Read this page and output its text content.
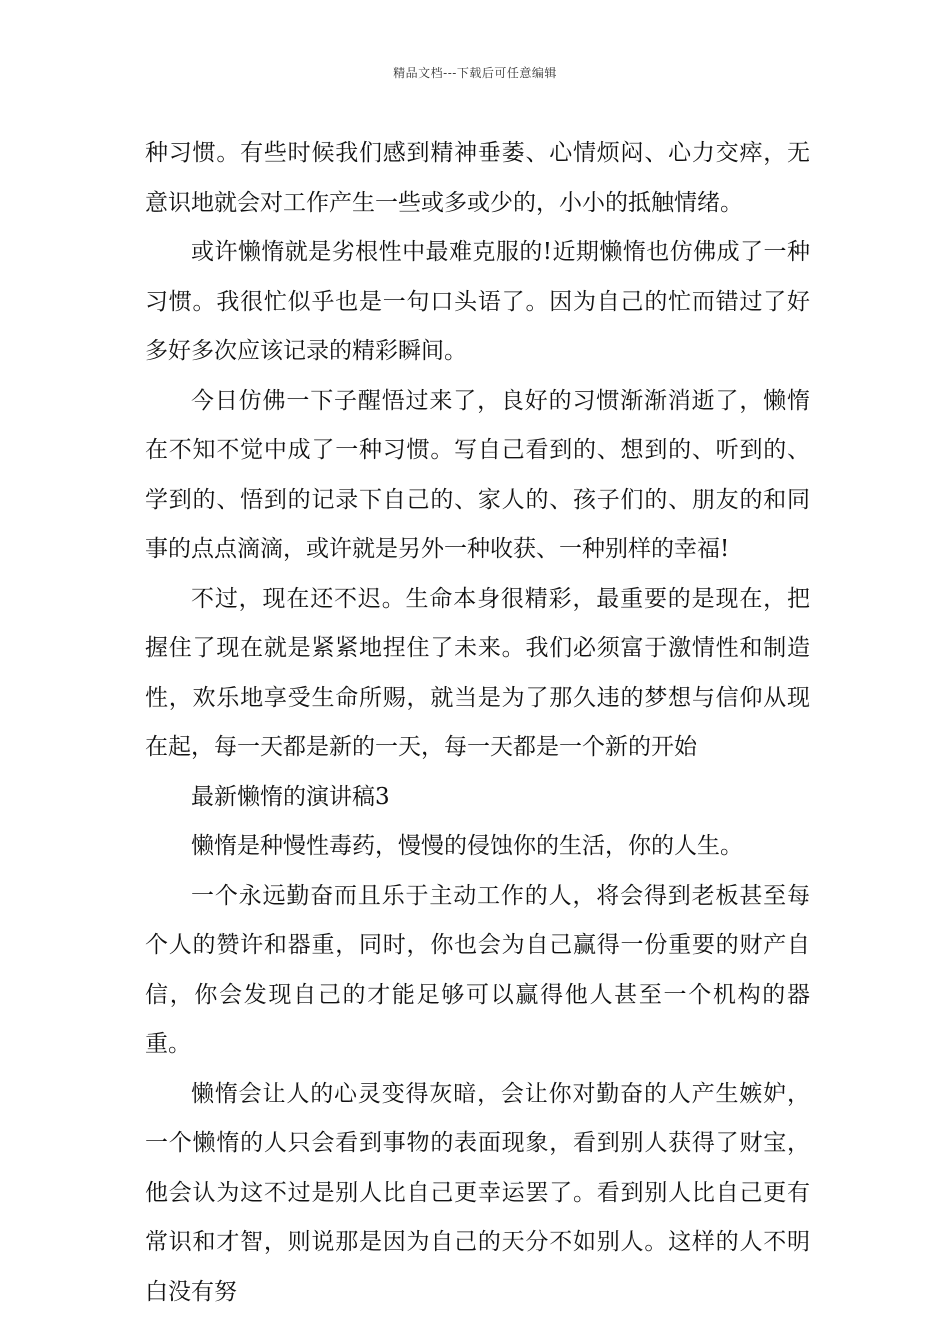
精品文档---下载后可任意编辑

种习惯。有些时候我们感到精神垂萎、心情烦闷、心力交瘁，无意识地就会对工作产生一些或多或少的，小小的抵触情绪。

或许懒惰就是劣根性中最难克服的!近期懒惰也仿佛成了一种习惯。我很忙似乎也是一句口头语了。因为自己的忙而错过了好多好多次应该记录的精彩瞬间。

今日仿佛一下子醒悟过来了，良好的习惯渐渐消逝了，懒惰在不知不觉中成了一种习惯。写自己看到的、想到的、听到的、学到的、悟到的记录下自己的、家人的、孩子们的、朋友的和同事的点点滴滴，或许就是另外一种收获、一种别样的幸福!

不过，现在还不迟。生命本身很精彩，最重要的是现在，把握住了现在就是紧紧地捏住了未来。我们必须富于激情性和制造性，欢乐地享受生命所赐，就当是为了那久违的梦想与信仰从现在起，每一天都是新的一天，每一天都是一个新的开始

最新懒惰的演讲稿3

懒惰是种慢性毒药，慢慢的侵蚀你的生活，你的人生。

一个永远勤奋而且乐于主动工作的人，将会得到老板甚至每个人的赞许和器重，同时，你也会为自己赢得一份重要的财产自信，你会发现自己的才能足够可以赢得他人甚至一个机构的器重。

懒惰会让人的心灵变得灰暗，会让你对勤奋的人产生嫉妒，一个懒惰的人只会看到事物的表面现象，看到别人获得了财宝，他会认为这不过是别人比自己更幸运罢了。看到别人比自己更有常识和才智，则说那是因为自己的天分不如别人。这样的人不明白没有努
